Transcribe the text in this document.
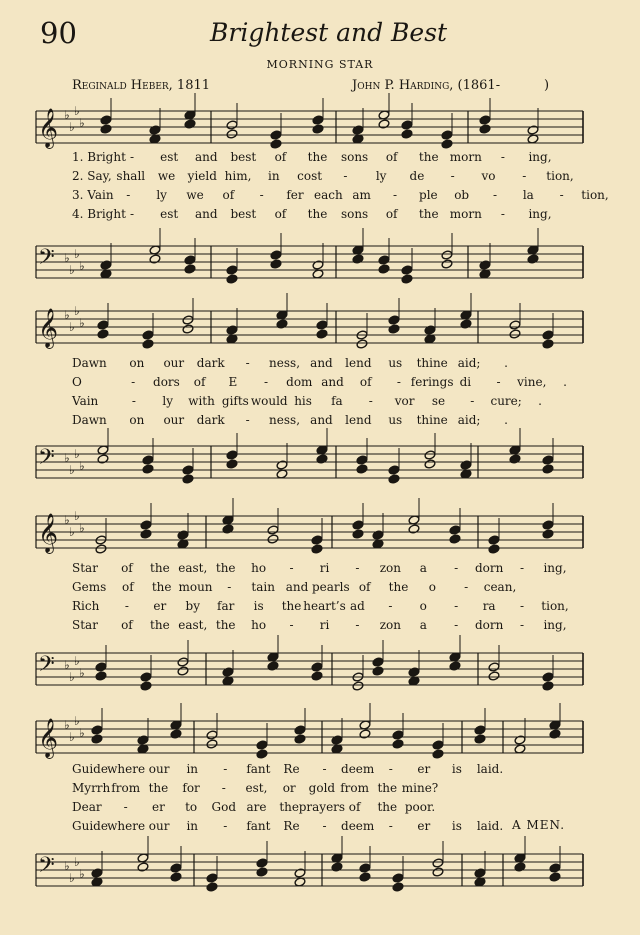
90	Brightest and Best
MORNING STAR
Reginald Heber, 1811	John P. Harding, (1861-	)
𝄞 ♭
♭
♭
♭
𝄢 ♭
♭
♭
♭
𝄞 ♭
♭
♭
♭
𝄢 ♭
♭
♭
♭
𝄞 ♭
♭
♭
♭
𝄢 ♭
♭
♭
♭
𝄞 ♭
♭
♭
♭
𝄢 ♭
♭
♭
♭
1. Bright - est and best of the sons of the morn - ing,
2. Say, shall we yield him, in cost - ly de - vo - tion,
3. Vain - ly we of - fer each am - ple ob - la - tion,
4. Bright - est and best of the sons of the morn - ing,
Dawn on our dark - ness, and lend us thine aid; .
O	- dors of E - dom and of - ferings di - vine, .
Vain	- ly with gifts would his fa - vor se - cure; .
Dawn on our dark - ness, and lend us thine aid; .
Star of the east, the ho - ri - zon a - dorn - ing,
Gems of the moun - tain and pearls of the o - cean,
Rich - er by far is the heart’s ad - o - ra - tion,
Star of the east, the ho - ri - zon a - dorn - ing,
Guide where our in - fant Re - deem - er is laid.
Myrrh from the for - est, or gold from the mine?
Dear - er to God are the prayers of the poor.
Guide where our in - fant Re - deem - er is laid. A MEN.
